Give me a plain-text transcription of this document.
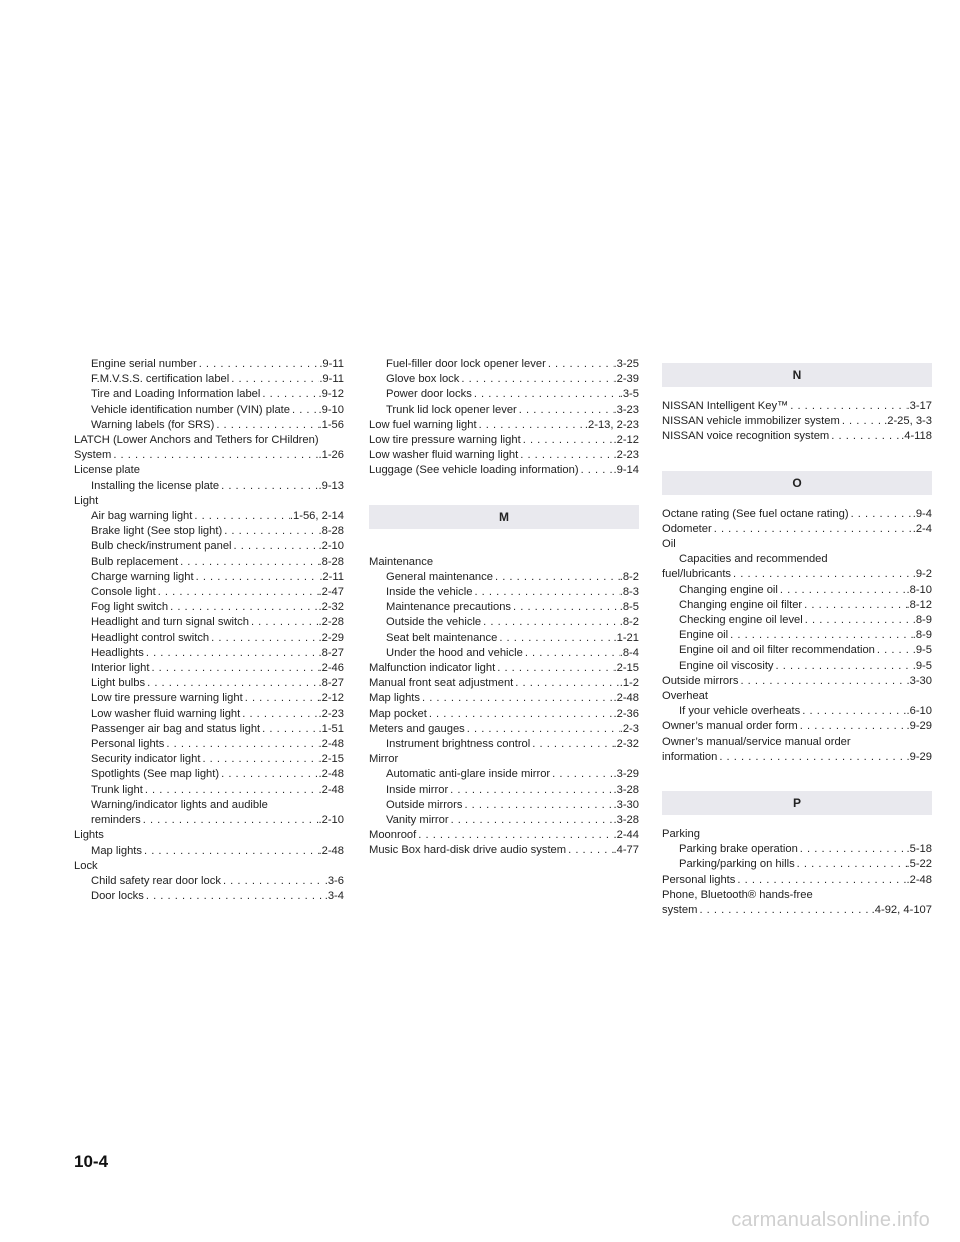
Engine serial number . . .	.9-11
F.M.V.S.S. certification label . . .	.9-11
Tire and Loading Information label . . .	.9-12
Vehicle identification number (VIN) plate . . .	.9-10
Warning labels (for SRS) . . .	.1-56
LATCH (Lower Anchors and Tethers for CHildren)
System . . .	.1-26
License plate
Installing the license plate . . .	.9-13
Light
Air bag warning light . . .	.1-56, 2-14
Brake light (See stop light) . . .	.8-28
Bulb check/instrument panel . . .	.2-10
Bulb replacement . . .	.8-28
Charge warning light . . .	.2-11
Console light . . .	.2-47
Fog light switch . . .	.2-32
Headlight and turn signal switch . . .	.2-28
Headlight control switch . . .	.2-29
Headlights . . .	.8-27
Interior light . . .	.2-46
Light bulbs . . .	.8-27
Low tire pressure warning light . . .	.2-12
Low washer fluid warning light . . .	.2-23
Passenger air bag and status light . . .	.1-51
Personal lights . . .	.2-48
Security indicator light . . .	.2-15
Spotlights (See map light) . . .	.2-48
Trunk light . . .	.2-48
Warning/indicator lights and audible
reminders . . .	.2-10
Lights
Map lights . . .	.2-48
Lock
Child safety rear door lock . . .	.3-6
Door locks . . .	.3-4
Fuel-filler door lock opener lever . . .	.3-25
Glove box lock . . .	.2-39
Power door locks . . .	.3-5
Trunk lid lock opener lever . . .	.3-23
Low fuel warning light . . .	.2-13, 2-23
Low tire pressure warning light . . .	.2-12
Low washer fluid warning light . . .	.2-23
Luggage (See vehicle loading information) . . .	.9-14
M
Maintenance
General maintenance . . .	.8-2
Inside the vehicle . . .	.8-3
Maintenance precautions . . .	.8-5
Outside the vehicle . . .	.8-2
Seat belt maintenance . . .	.1-21
Under the hood and vehicle . . .	.8-4
Malfunction indicator light . . .	.2-15
Manual front seat adjustment . . .	.1-2
Map lights . . .	.2-48
Map pocket . . .	.2-36
Meters and gauges . . .	.2-3
Instrument brightness control . . .	.2-32
Mirror
Automatic anti-glare inside mirror . . .	.3-29
Inside mirror . . .	.3-28
Outside mirrors . . .	.3-30
Vanity mirror . . .	.3-28
Moonroof . . .	.2-44
Music Box hard-disk drive audio system . . .	.4-77
N
NISSAN Intelligent Key™ . . .	.3-17
NISSAN vehicle immobilizer system . . .	.2-25, 3-3
NISSAN voice recognition system . . .	.4-118
O
Octane rating (See fuel octane rating) . . .	.9-4
Odometer . . .	.2-4
Oil
Capacities and recommended
fuel/lubricants . . .	.9-2
Changing engine oil . . .	.8-10
Changing engine oil filter . . .	.8-12
Checking engine oil level . . .	.8-9
Engine oil . . .	.8-9
Engine oil and oil filter recommendation . . .	.9-5
Engine oil viscosity . . .	.9-5
Outside mirrors . . .	.3-30
Overheat
If your vehicle overheats . . .	.6-10
Owner’s manual order form . . .	.9-29
Owner’s manual/service manual order
information . . .	.9-29
P
Parking
Parking brake operation . . .	.5-18
Parking/parking on hills . . .	.5-22
Personal lights . . .	.2-48
Phone, Bluetooth® hands-free
system . . .	.4-92, 4-107
10-4
carmanualsonline.info
